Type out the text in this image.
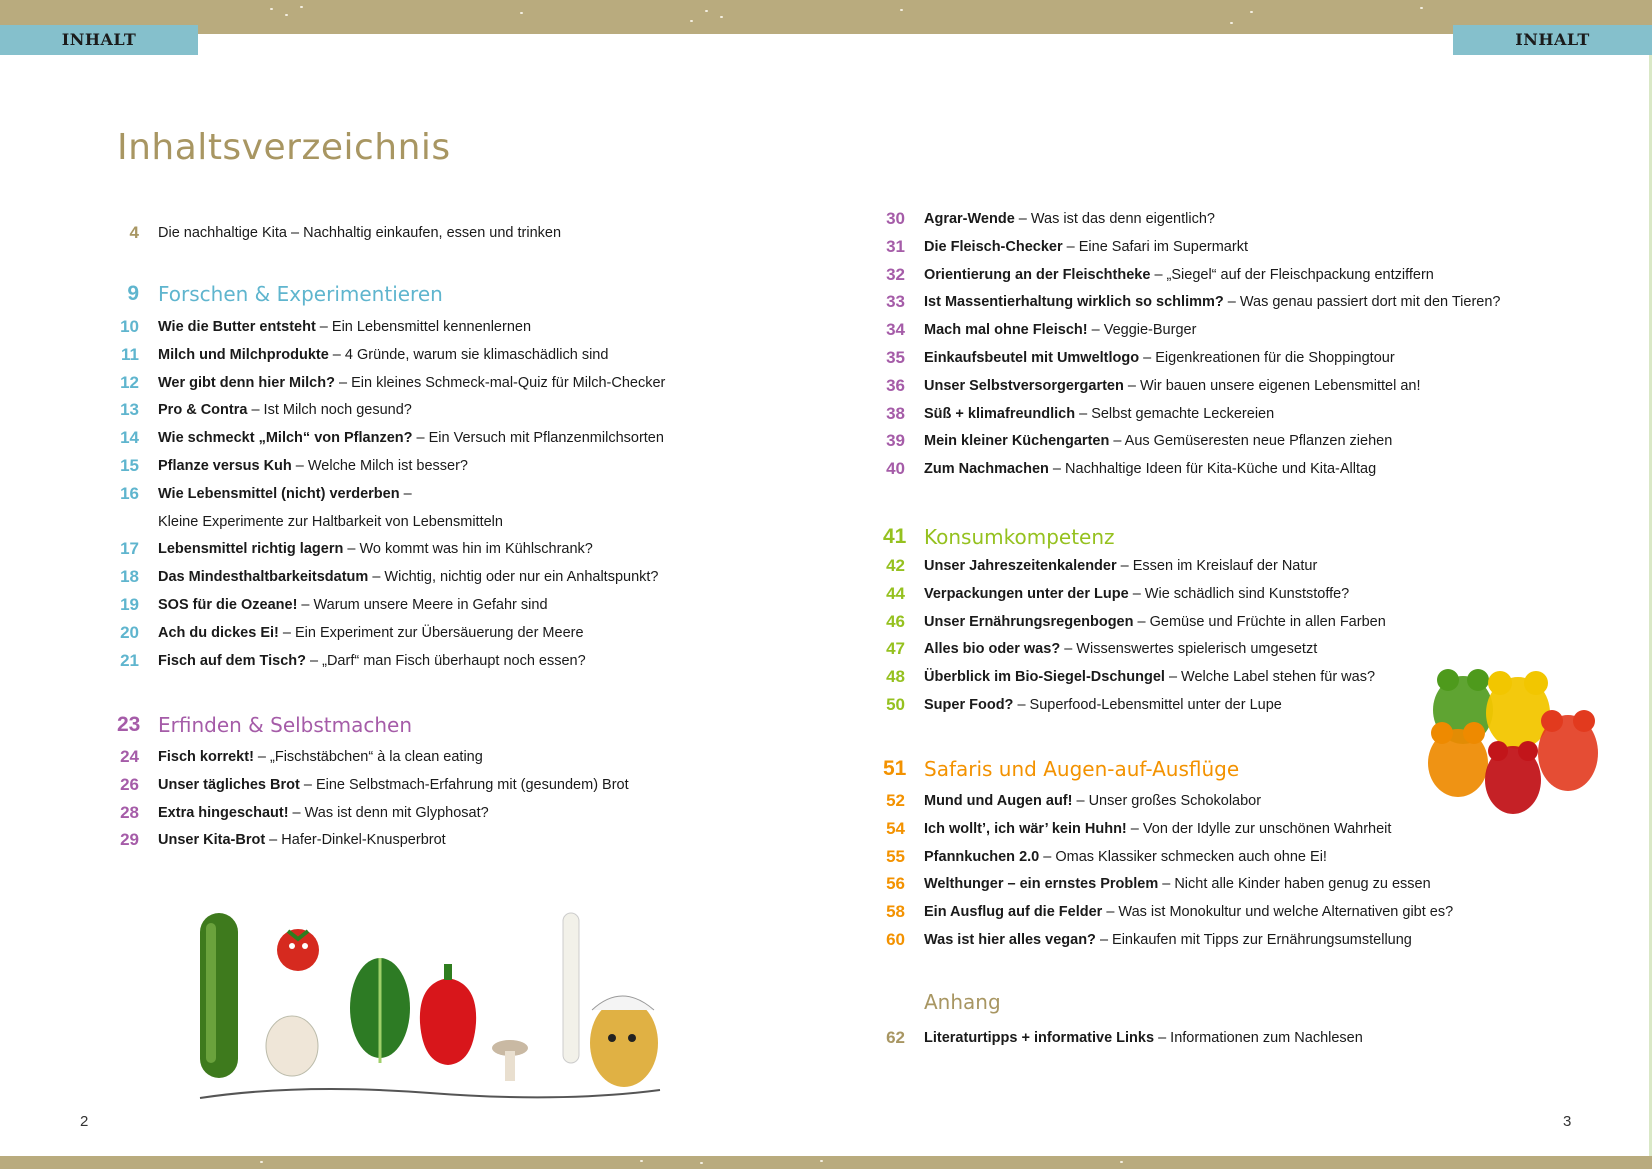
INHALT	INHALT
Inhaltsverzeichnis
4 Die nachhaltige Kita – Nachhaltig einkaufen, essen und trinken
9 Forschen & Experimentieren
10 Wie die Butter entsteht – Ein Lebensmittel kennenlernen
11 Milch und Milchprodukte – 4 Gründe, warum sie klimaschädlich sind
12 Wer gibt denn hier Milch? – Ein kleines Schmeck-mal-Quiz für Milch-Checker
13 Pro & Contra – Ist Milch noch gesund?
14 Wie schmeckt „Milch“ von Pflanzen? – Ein Versuch mit Pflanzenmilchsorten
15 Pflanze versus Kuh – Welche Milch ist besser?
16 Wie Lebensmittel (nicht) verderben –
Kleine Experimente zur Haltbarkeit von Lebensmitteln
17 Lebensmittel richtig lagern – Wo kommt was hin im Kühlschrank?
18 Das Mindesthaltbarkeitsdatum – Wichtig, nichtig oder nur ein Anhaltspunkt?
19 SOS für die Ozeane! – Warum unsere Meere in Gefahr sind
20 Ach du dickes Ei! – Ein Experiment zur Übersäuerung der Meere
21 Fisch auf dem Tisch? – „Darf“ man Fisch überhaupt noch essen?
23 Erfinden & Selbstmachen
24 Fisch korrekt! – „Fischstäbchen“ à la clean eating
26 Unser tägliches Brot – Eine Selbstmach-Erfahrung mit (gesundem) Brot
28 Extra hingeschaut! – Was ist denn mit Glyphosat?
29 Unser Kita-Brot – Hafer-Dinkel-Knusperbrot
30 Agrar-Wende – Was ist das denn eigentlich?
31 Die Fleisch-Checker – Eine Safari im Supermarkt
32 Orientierung an der Fleischtheke – „Siegel“ auf der Fleischpackung entziffern
33 Ist Massentierhaltung wirklich so schlimm? – Was genau passiert dort mit den Tieren?
34 Mach mal ohne Fleisch! – Veggie-Burger
35 Einkaufsbeutel mit Umweltlogo – Eigenkreationen für die Shoppingtour
36 Unser Selbstversorgergarten – Wir bauen unsere eigenen Lebensmittel an!
38 Süß + klimafreundlich – Selbst gemachte Leckereien
39 Mein kleiner Küchengarten – Aus Gemüseresten neue Pflanzen ziehen
40 Zum Nachmachen – Nachhaltige Ideen für Kita-Küche und Kita-Alltag
41 Konsumkompetenz
42 Unser Jahreszeitenkalender – Essen im Kreislauf der Natur
44 Verpackungen unter der Lupe – Wie schädlich sind Kunststoffe?
46 Unser Ernährungsregenbogen – Gemüse und Früchte in allen Farben
47 Alles bio oder was? – Wissenswertes spielerisch umgesetzt
48 Überblick im Bio-Siegel-Dschungel – Welche Label stehen für was?
50 Super Food? – Superfood-Lebensmittel unter der Lupe
51 Safaris und Augen-auf-Ausflüge
52 Mund und Augen auf! – Unser großes Schokolabor
54 Ich wollt’, ich wär’ kein Huhn! – Von der Idylle zur unschönen Wahrheit
55 Pfannkuchen 2.0 – Omas Klassiker schmecken auch ohne Ei!
56 Welthunger – ein ernstes Problem – Nicht alle Kinder haben genug zu essen
58 Ein Ausflug auf die Felder – Was ist Monokultur und welche Alternativen gibt es?
60 Was ist hier alles vegan? – Einkaufen mit Tipps zur Ernährungsumstellung
Anhang
62 Literaturtipps + informative Links – Informationen zum Nachlesen
2	3
